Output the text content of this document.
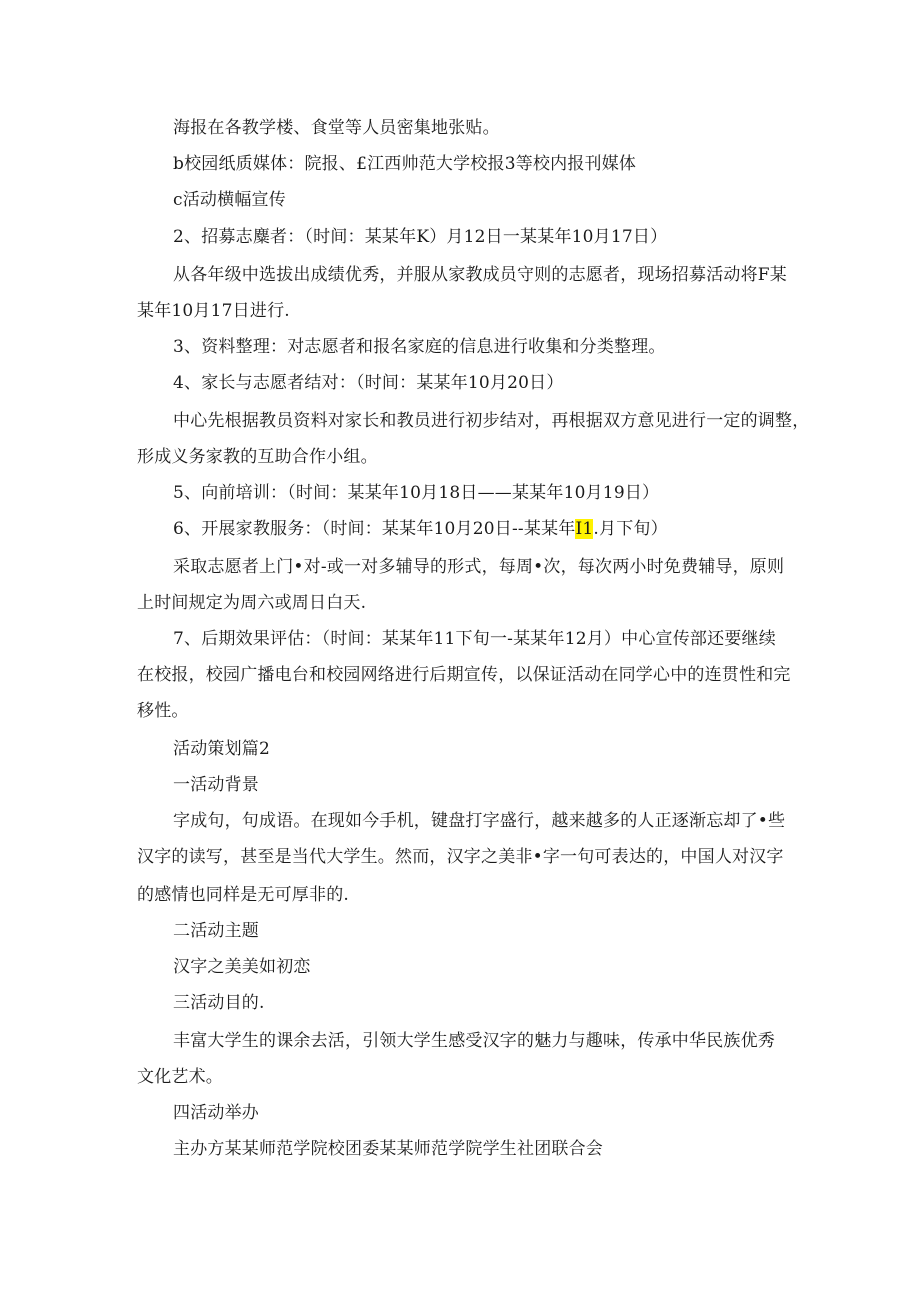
海报在各教学楼、食堂等人员密集地张贴。
b校园纸质媒体：院报、£江西帅范大学校报3等校内报刊媒体
c活动横幅宣传
2、招募志麋者：（时间：某某年K）月12日一某某年10月17日）
从各年级中选拔出成绩优秀，并服从家教成员守则的志愿者，现场招募活动将F某
某年10月17日进行.
3、资料整理：对志愿者和报名家庭的信息进行收集和分类整理。
4、家长与志愿者结对：（时间：某某年10月20日）
中心先根据教员资料对家长和教员进行初步结对，再根据双方意见进行一定的调整，
形成义务家教的互助合作小组。
5、向前培训：（时间：某某年10月18日——某某年10月19日）
6、开展家教服务：（时间：某某年10月20日--某某年I1.月下旬）
采取志愿者上门•对-或一对多辅导的形式，每周•次，每次两小时免费辅导，原则
上时间规定为周六或周日白天.
7、后期效果评估：（时间：某某年11下旬一-某某年12月）中心宣传部还要继续
在校报，校园广播电台和校园网络进行后期宣传，以保证活动在同学心中的连贯性和完
移性。
活动策划篇2
一活动背景
字成句，句成语。在现如今手机，键盘打字盛行，越来越多的人正逐渐忘却了•些
汉字的读写，甚至是当代大学生。然而，汉字之美非•字一句可表达的，中国人对汉字
的感情也同样是无可厚非的.
二活动主题
汉字之美美如初恋
三活动目的.
丰富大学生的课余去活，引领大学生感受汉字的魅力与趣味，传承中华民族优秀
文化艺术。
四活动举办
主办方某某师范学院校团委某某师范学院学生社团联合会
